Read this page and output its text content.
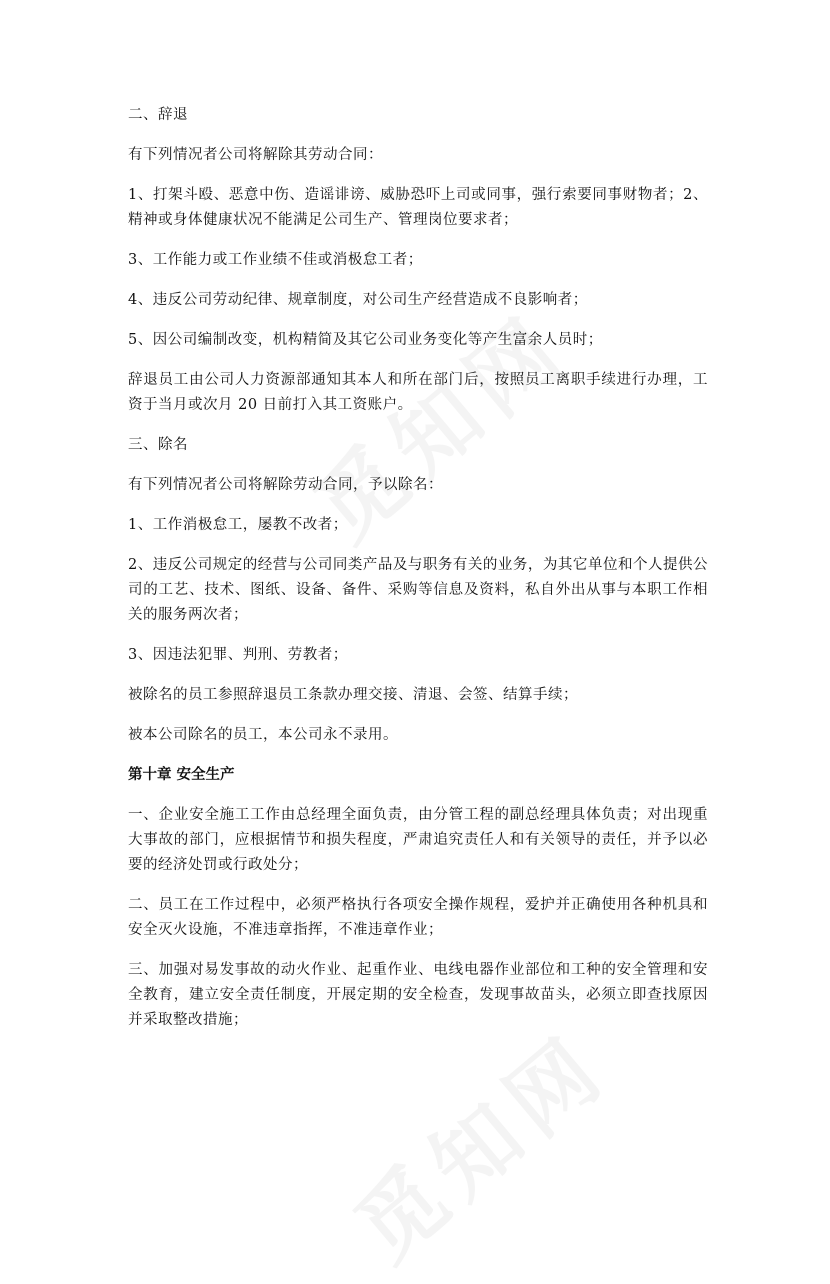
二、辞退

有下列情况者公司将解除其劳动合同：

1、打架斗殴、恶意中伤、造谣诽谤、威胁恐吓上司或同事，强行索要同事财物者；2、精神或身体健康状况不能满足公司生产、管理岗位要求者；

3、工作能力或工作业绩不佳或消极怠工者；

4、违反公司劳动纪律、规章制度，对公司生产经营造成不良影响者；

5、因公司编制改变，机构精简及其它公司业务变化等产生富余人员时；

辞退员工由公司人力资源部通知其本人和所在部门后，按照员工离职手续进行办理，工资于当月或次月 20 日前打入其工资账户。

三、除名

有下列情况者公司将解除劳动合同，予以除名：

1、工作消极怠工，屡教不改者；

2、违反公司规定的经营与公司同类产品及与职务有关的业务，为其它单位和个人提供公司的工艺、技术、图纸、设备、备件、采购等信息及资料，私自外出从事与本职工作相关的服务两次者；

3、因违法犯罪、判刑、劳教者；

被除名的员工参照辞退员工条款办理交接、清退、会签、结算手续；

被本公司除名的员工，本公司永不录用。

第十章 安全生产

一、企业安全施工工作由总经理全面负责，由分管工程的副总经理具体负责；对出现重大事故的部门，应根据情节和损失程度，严肃追究责任人和有关领导的责任，并予以必要的经济处罚或行政处分；

二、员工在工作过程中，必须严格执行各项安全操作规程，爱护并正确使用各种机具和安全灭火设施，不准违章指挥，不准违章作业；

三、加强对易发事故的动火作业、起重作业、电线电器作业部位和工种的安全管理和安全教育，建立安全责任制度，开展定期的安全检查，发现事故苗头，必须立即查找原因并采取整改措施；
